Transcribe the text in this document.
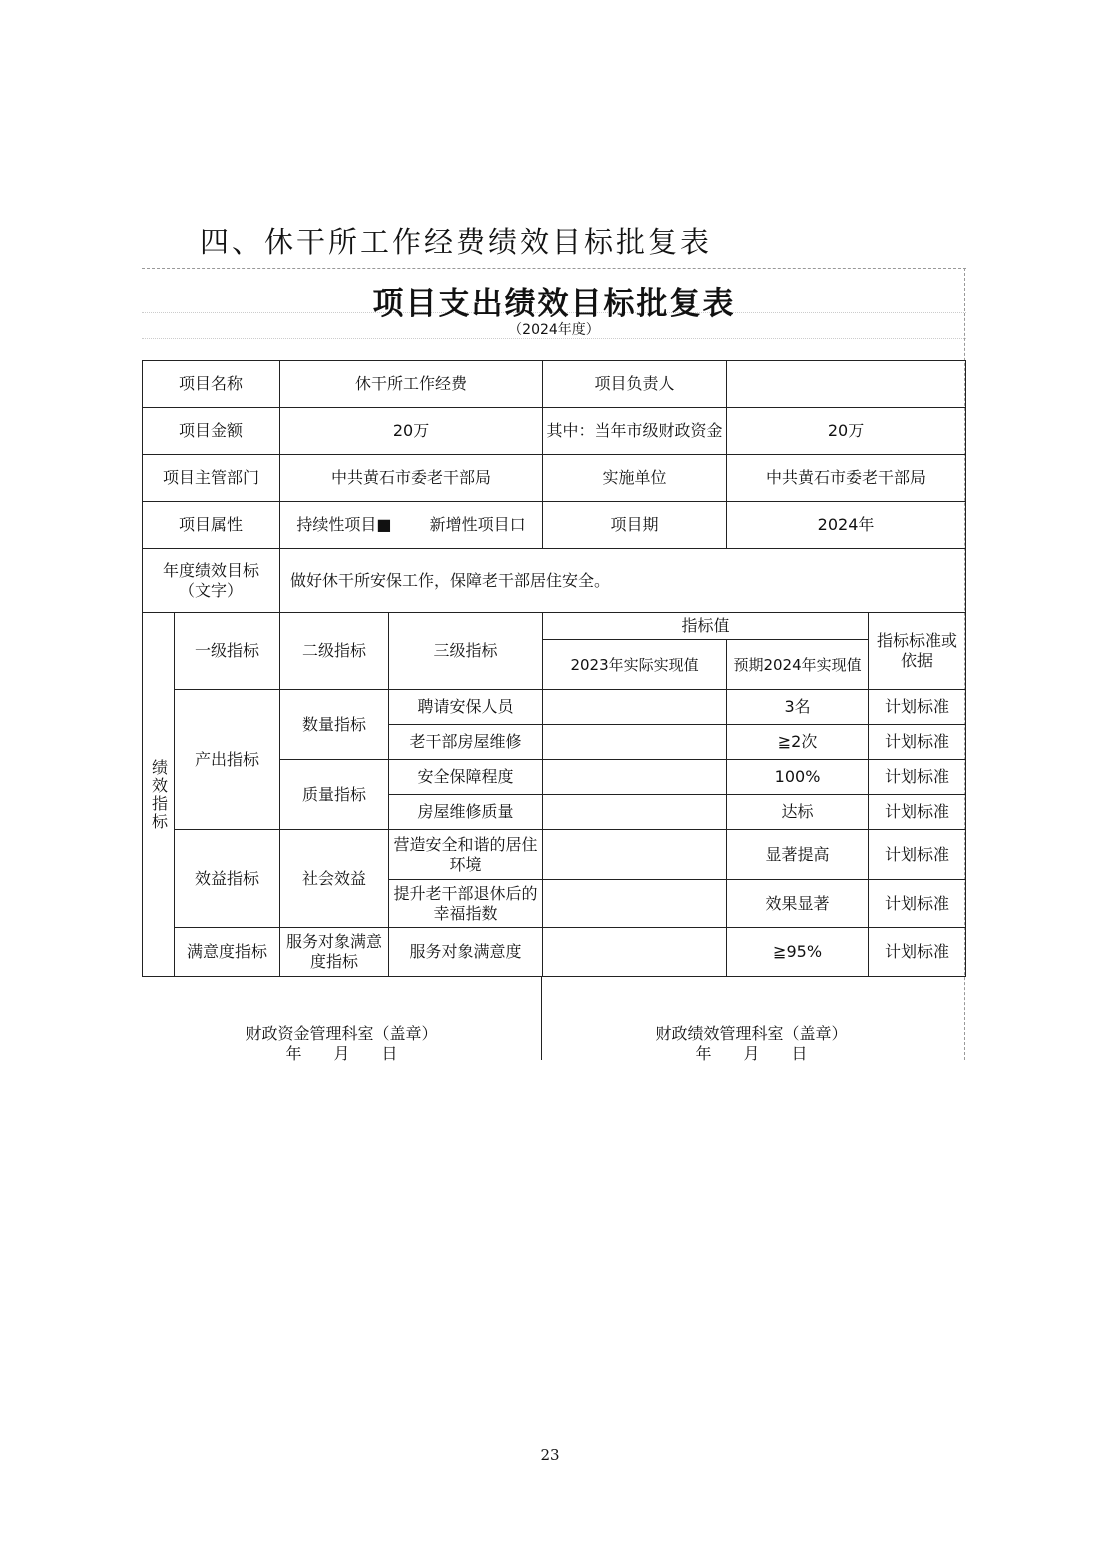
四、休干所工作经费绩效目标批复表
项目支出绩效目标批复表
（2024年度）
项目名称		休干所工作经费		项目负责人		
项目金额		20万		其中：当年市级财政资金	20万	
项目主管部门		中共黄石市委老干部局		实施单位	中共黄石市委老干部局	
项目属性		持续性项目■ 新增性项目口		项目期	2024年	

年度绩效目标
（文字）		做好休干所安保工作，保障老干部居住安全。				
绩效指标	一级指标	二级指标	三级指标	指标值		指标标准或依据
				2023年实际实现值	预期2024年实现值	
	产出指标	数量指标	聘请安保人员		3名	计划标准
			老干部房屋维修		≧2次	计划标准
		质量指标	安全保障程度		100%	计划标准
			房屋维修质量		达标	计划标准
	效益指标	社会效益	营造安全和谐的居住环境		显著提高	计划标准
			提升老干部退休后的幸福指数		效果显著	计划标准
	满意度指标	服务对象满意度指标	服务对象满意度		≧95%	计划标准
财政资金管理科室（盖章）
年　　月　　日
财政绩效管理科室（盖章）
年　　月　　日
23
